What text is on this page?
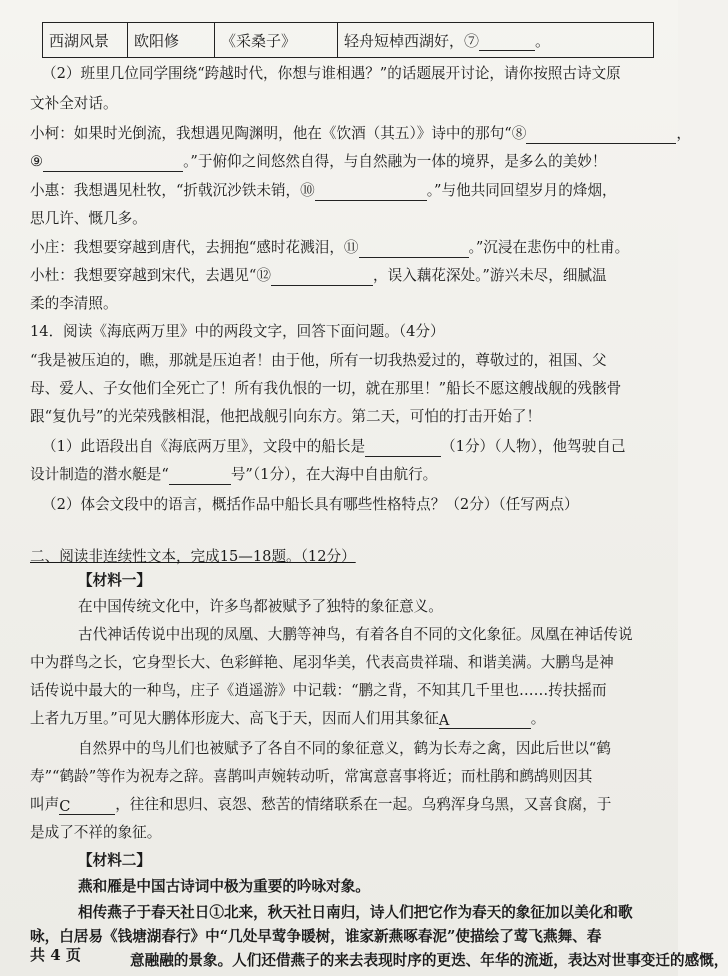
西湖风景	欧阳修	《采桑子》	轻舟短棹西湖好，⑦	。
（2）班里几位同学围绕“跨越时代，你想与谁相遇？”的话题展开讨论，请你按照古诗文原
文补全对话。
小柯：如果时光倒流，我想遇见陶渊明，他在《饮酒（其五）》诗中的那句“⑧	，
⑨	。”于俯仰之间悠然自得，与自然融为一体的境界，是多么的美妙！
小惠：我想遇见杜牧，“折戟沉沙铁未销，⑩	。”与他共同回望岁月的烽烟，
思几许、慨几多。
小庄：我想要穿越到唐代，去拥抱“感时花溅泪，⑪	。”沉浸在悲伤中的杜甫。
小杜：我想要穿越到宋代，去遇见“⑫	，误入藕花深处。”游兴未尽，细腻温
柔的李清照。
14．阅读《海底两万里》中的两段文字，回答下面问题。（4分）
“我是被压迫的，瞧，那就是压迫者！由于他，所有一切我热爱过的，尊敬过的，祖国、父
母、爱人、子女他们全死亡了！所有我仇恨的一切，就在那里！”船长不愿这艘战舰的残骸骨
跟“复仇号”的光荣残骸相混，他把战舰引向东方。第二天，可怕的打击开始了！
（1）此语段出自《海底两万里》，文段中的船长是	（1分）（人物），他驾驶自己
设计制造的潜水艇是“	号”（1分），在大海中自由航行。
（2）体会文段中的语言，概括作品中船长具有哪些性格特点？（2分）（任写两点）
二、阅读非连续性文本，完成15—18题。（12分）
【材料一】
在中国传统文化中，许多鸟都被赋予了独特的象征意义。
古代神话传说中出现的凤凰、大鹏等神鸟，有着各自不同的文化象征。凤凰在神话传说
中为群鸟之长，它身型长大、色彩鲜艳、尾羽华美，代表高贵祥瑞、和谐美满。大鹏鸟是神
话传说中最大的一种鸟，庄子《逍遥游》中记载：“鹏之背，不知其几千里也……抟扶摇而
上者九万里。”可见大鹏体形庞大、高飞于天，因而人们用其象征A	。
自然界中的鸟儿们也被赋予了各自不同的象征意义，鹤为长寿之禽，因此后世以“鹤
寿”“鹤龄”等作为祝寿之辞。喜鹊叫声婉转动听，常寓意喜事将近；而杜鹃和鹧鸪则因其
叫声C	，往往和思归、哀怨、愁苦的情绪联系在一起。乌鸦浑身乌黑，又喜食腐，于
是成了不祥的象征。
【材料二】
燕和雁是中国古诗词中极为重要的吟咏对象。
相传燕子于春天社日①北来，秋天社日南归，诗人们把它作为春天的象征加以美化和歌
咏，白居易《钱塘湖春行》中“几处早莺争暖树，谁家新燕啄春泥”使描绘了莺飞燕舞、春
意融融的景象。人们还借燕子的来去表现时序的更迭、年华的流逝，表达对世事变迁的感慨，
共 4 页
